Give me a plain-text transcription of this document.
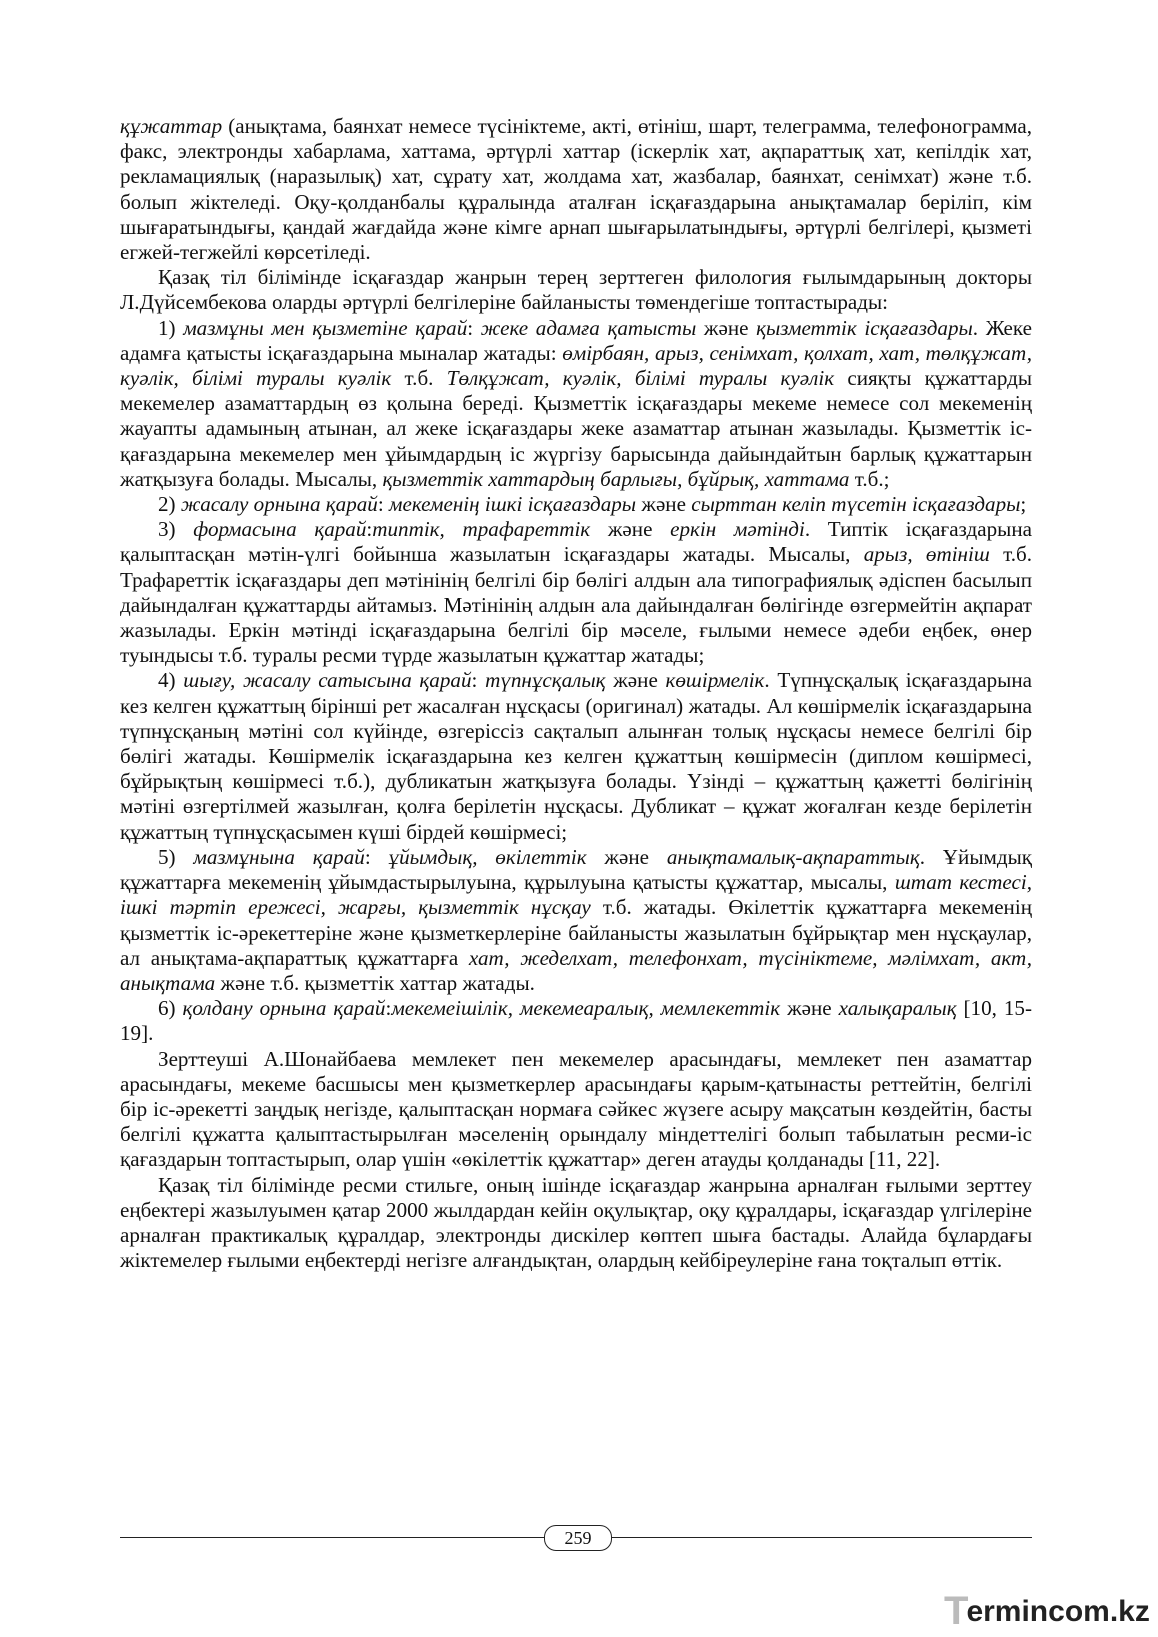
құжаттар (анықтама, баянхат немесе түсініктеме, акті, өтініш, шарт, телеграмма, телефонограмма, факс, электронды хабарлама, хаттама, әртүрлі хаттар (іскерлік хат, ақпараттық хат, кепілдік хат, рекламациялық (наразылық) хат, сұрату хат, жолдама хат, жазбалар, баянхат, сенімхат) және т.б. болып жіктеледі. Оқу-қолданбалы құралында аталған ісқағаздарына анықтамалар беріліп, кім шығаратындығы, қандай жағдайда және кімге арнап шығарылатындығы, әртүрлі белгілері, қызметі егжей-тегжейлі көрсетіледі.

Қазақ тіл білімінде ісқағаздар жанрын терең зерттеген филология ғылымдарының докторы Л.Дүйсембекова оларды әртүрлі белгілеріне байланысты төмендегіше топтастырады:

1) мазмұны мен қызметіне қарай: жеке адамға қатысты және қызметтік ісқағаздары. Жеке адамға қатысты ісқағаздарына мыналар жатады: өмірбаян, арыз, сенімхат, қолхат, хат, төлқұжат, куәлік, білімі туралы куәлік т.б. Төлқұжат, куәлік, білімі туралы куәлік сияқты құжаттарды мекемелер азаматтардың өз қолына береді. Қызметтік ісқағаздары мекеме немесе сол мекеменің жауапты адамының атынан, ал жеке ісқағаздары жеке азаматтар атынан жазылады. Қызметтік ісқағаздарына мекемелер мен ұйымдардың іс жүргізу барысында дайындайтын барлық құжаттарын жатқызуға болады. Мысалы, қызметтік хаттардың барлығы, бұйрық, хаттама т.б.;

2) жасалу орнына қарай: мекеменің ішкі ісқағаздары және сырттан келіп түсетін ісқағаздары;

3) формасына қарай:типтік, трафареттік және еркін мәтінді. Типтік ісқағаздарына қалыптасқан мәтін-үлгі бойынша жазылатын ісқағаздары жатады. Мысалы, арыз, өтініш т.б. Трафареттік ісқағаздары деп мәтінінің белгілі бір бөлігі алдын ала типографиялық әдіспен басылып дайындалған құжаттарды айтамыз. Мәтінінің алдын ала дайындалған бөлігінде өзгермейтін ақпарат жазылады. Еркін мәтінді ісқағаздарына белгілі бір мәселе, ғылыми немесе әдеби еңбек, өнер туындысы т.б. туралы ресми түрде жазылатын құжаттар жатады;

4) шығу, жасалу сатысына қарай: түпнұсқалық және көшірмелік. Түпнұсқалық ісқағаздарына кез келген құжаттың бірінші рет жасалған нұсқасы (оригинал) жатады. Ал көшірмелік ісқағаздарына түпнұсқаның мәтіні сол күйінде, өзгеріссіз сақталып алынған толық нұсқасы немесе белгілі бір бөлігі жатады. Көшірмелік ісқағаздарына кез келген құжаттың көшірмесін (диплом көшірмесі, бұйрықтың көшірмесі т.б.), дубликатын жатқызуға болады. Үзінді – құжаттың қажетті бөлігінің мәтіні өзгертілмей жазылған, қолға берілетін нұсқасы. Дубликат – құжат жоғалған кезде берілетін құжаттың түпнұсқасымен күші бірдей көшірмесі;

5) мазмұнына қарай: ұйымдық, өкілеттік және анықтамалық-ақпараттық. Ұйымдық құжаттарға мекеменің ұйымдастырылуына, құрылуына қатысты құжаттар, мысалы, штат кестесі, ішкі тәртіп ережесі, жарғы, қызметтік нұсқау т.б. жатады. Өкілеттік құжаттарға мекеменің қызметтік іс-әрекеттеріне және қызметкерлеріне байланысты жазылатын бұйрықтар мен нұсқаулар, ал анықтама-ақпараттық құжаттарға хат, жеделхат, телефонхат, түсініктеме, мәлімхат, акт, анықтама және т.б. қызметтік хаттар жатады.

6) қолдану орнына қарай:мекемеішілік, мекемеаралық, мемлекеттік және халықаралық [10, 15-19].

Зерттеуші А.Шонайбаева мемлекет пен мекемелер арасындағы, мемлекет пен азаматтар арасындағы, мекеме басшысы мен қызметкерлер арасындағы қарым-қатынасты реттейтін, белгілі бір іс-әрекетті заңдық негізде, қалыптасқан нормаға сәйкес жүзеге асыру мақсатын көздейтін, басты белгілі құжатта қалыптастырылған мәселенің орындалу міндеттелігі болып табылатын ресми-іс қағаздарын топтастырып, олар үшін «өкілеттік құжаттар» деген атауды қолданады [11, 22].

Қазақ тіл білімінде ресми стильге, оның ішінде ісқағаздар жанрына арналған ғылыми зерттеу еңбектері жазылуымен қатар 2000 жылдардан кейін оқулықтар, оқу құралдары, ісқағаздар үлгілеріне арналған практикалық құралдар, электронды дискілер көптеп шыға бастады. Алайда бұлардағы жіктемелер ғылыми еңбектерді негізге алғандықтан, олардың кейбіреулеріне ғана тоқталып өттік.

259
T
ermincom.kz
